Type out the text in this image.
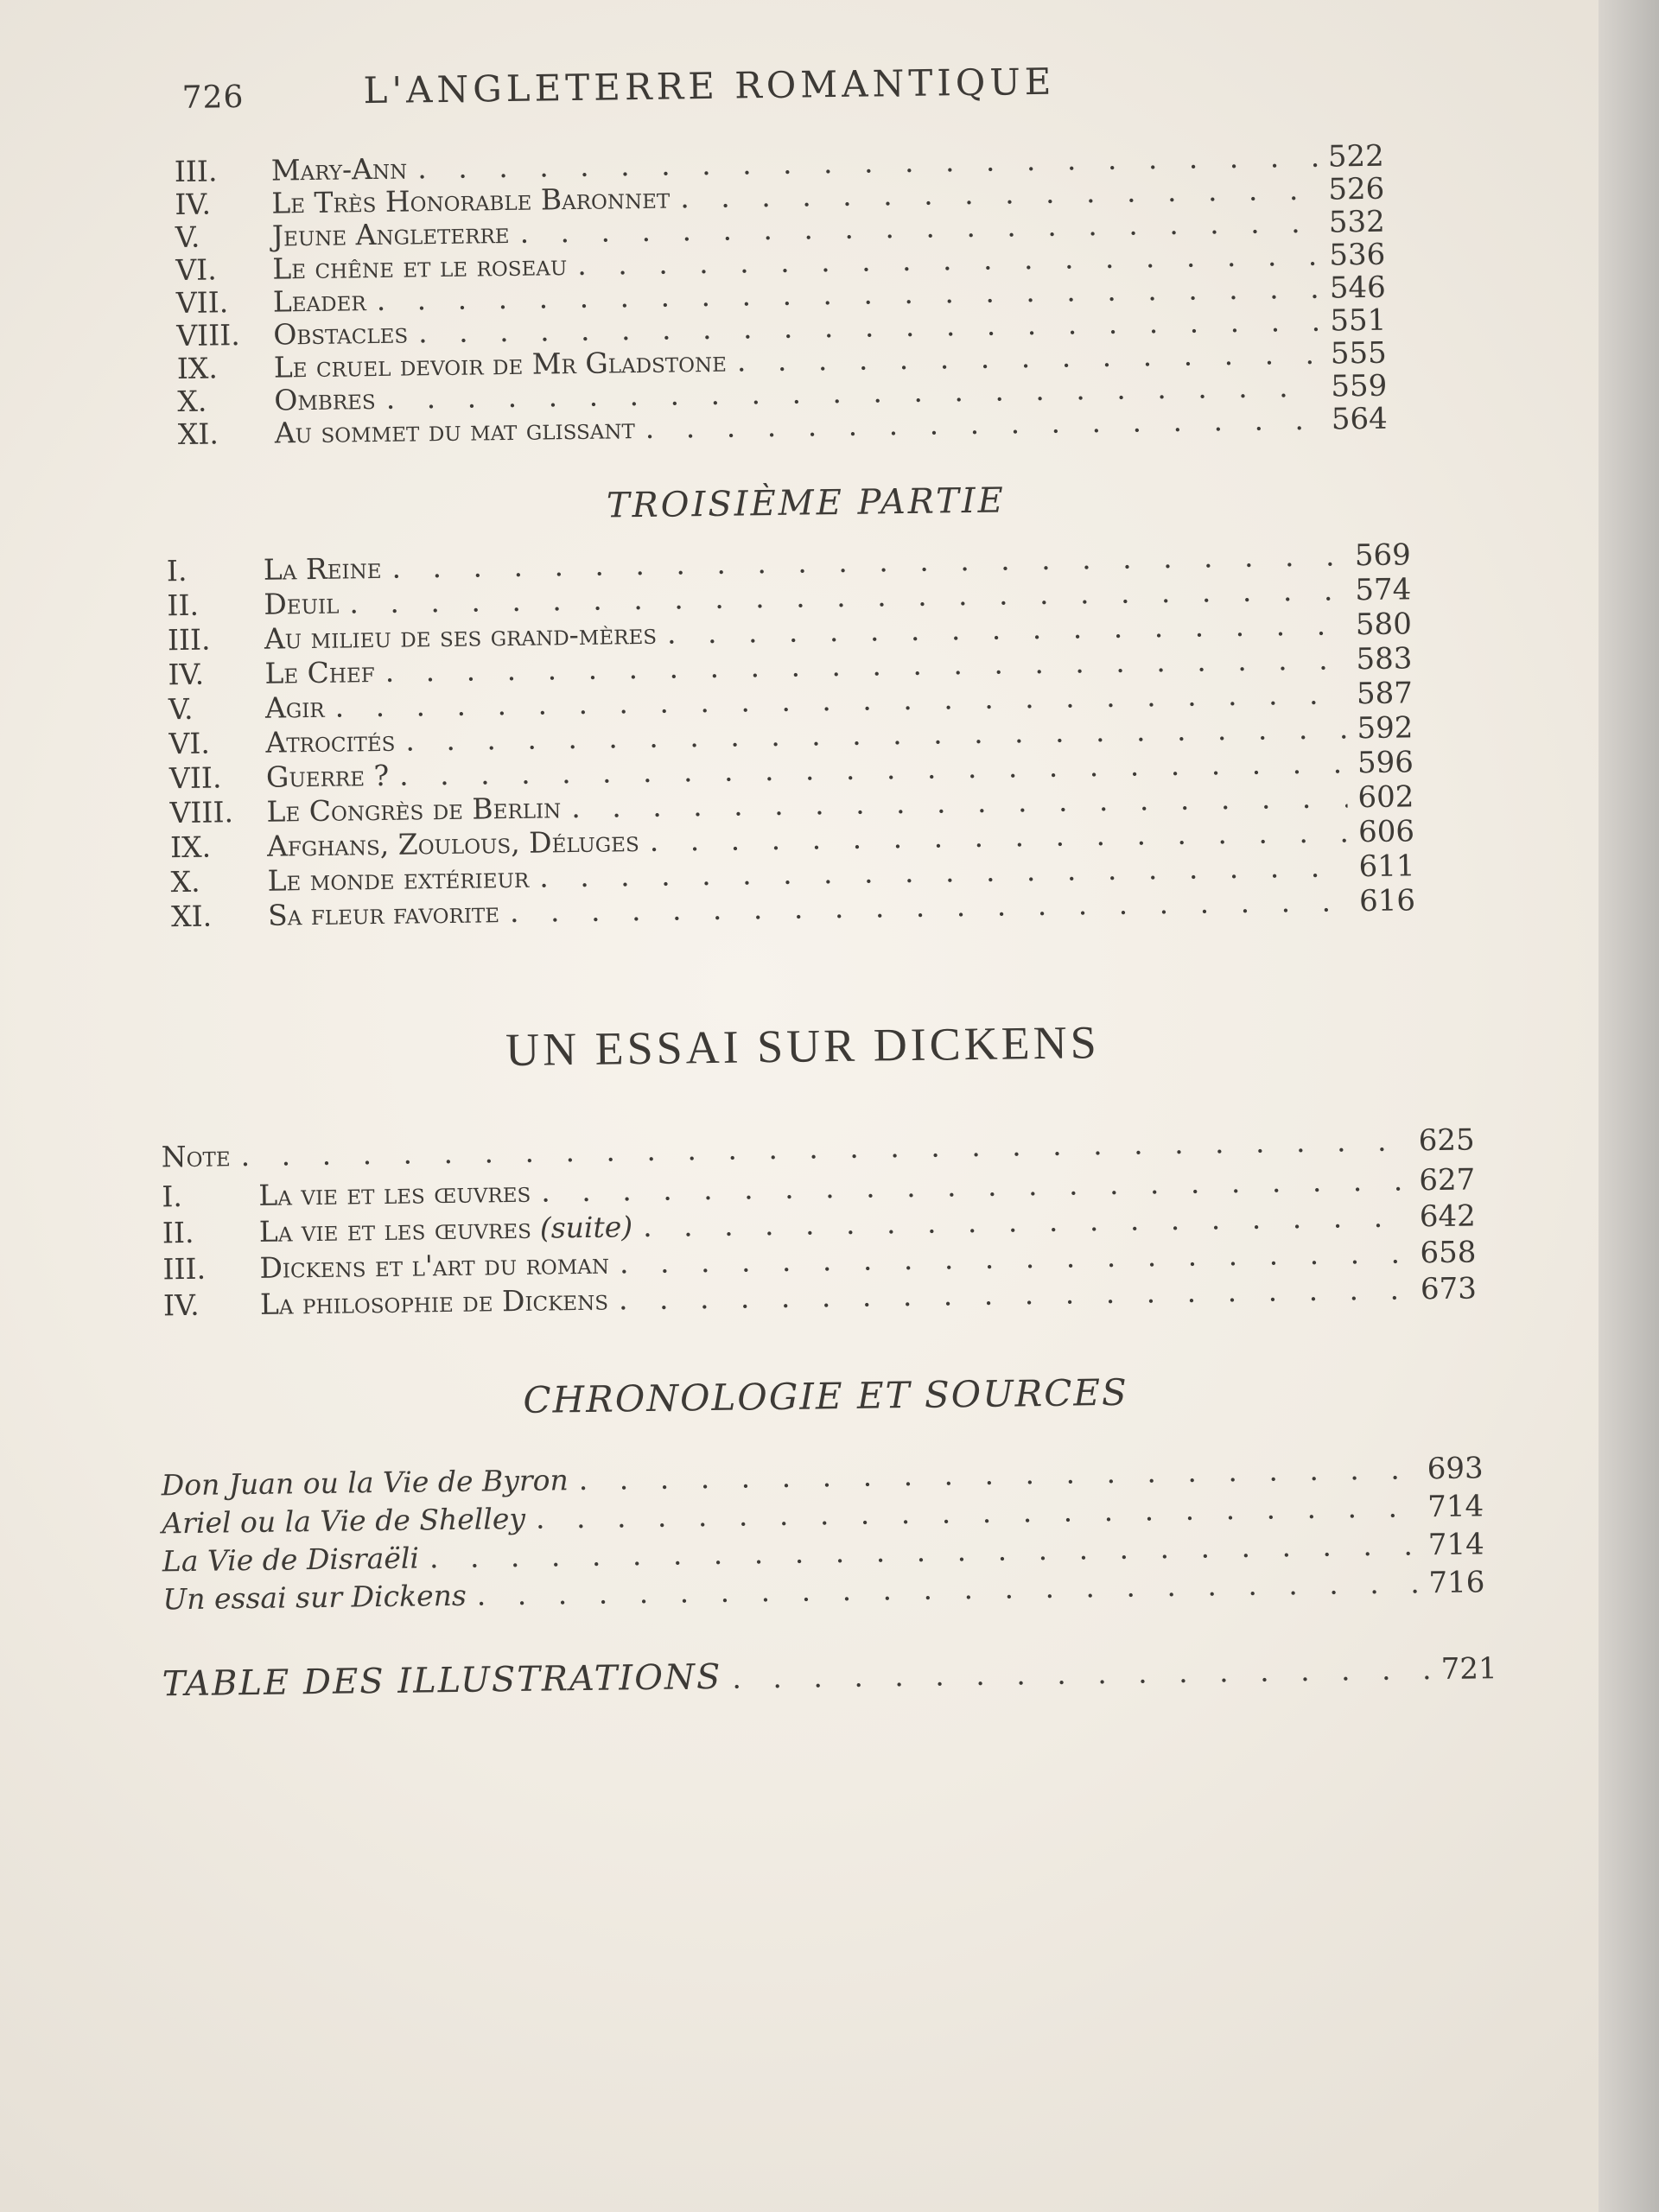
726	L'ANGLETERRE ROMANTIQUE
III.	Mary-Ann . . .	522
IV.	Le Très Honorable Baronnet . . .	526
V.	Jeune Angleterre . . .	532
VI.	Le chêne et le roseau . . .	536
VII.	Leader . . .	546
VIII.	Obstacles . . .	551
IX.	Le cruel devoir de Mr Gladstone . . .	555
X.	Ombres . . .	559
XI.	Au sommet du mat glissant . . .	564
TROISIÈME PARTIE
I.	La Reine . . .	569
II.	Deuil . . .	574
III.	Au milieu de ses grand-mères . . .	580
IV.	Le Chef . . .	583
V.	Agir . . .	587
VI.	Atrocités . . .	592
VII.	Guerre ? . . .	596
VIII.	Le Congrès de Berlin . . .	602
IX.	Afghans, Zoulous, Déluges . . .	606
X.	Le monde extérieur . . .	611
XI.	Sa fleur favorite . . .	616
UN ESSAI SUR DICKENS
Note . . .	625
I.	La vie et les œuvres . . .	627
II.	La vie et les œuvres (suite) . . .	642
III.	Dickens et l'art du roman . . .	658
IV.	La philosophie de Dickens . . .	673
CHRONOLOGIE ET SOURCES
Don Juan ou la Vie de Byron . . .	693
Ariel ou la Vie de Shelley . . .	714
La Vie de Disraëli . . .	714
Un essai sur Dickens . . .	716
TABLE DES ILLUSTRATIONS . . .	721
